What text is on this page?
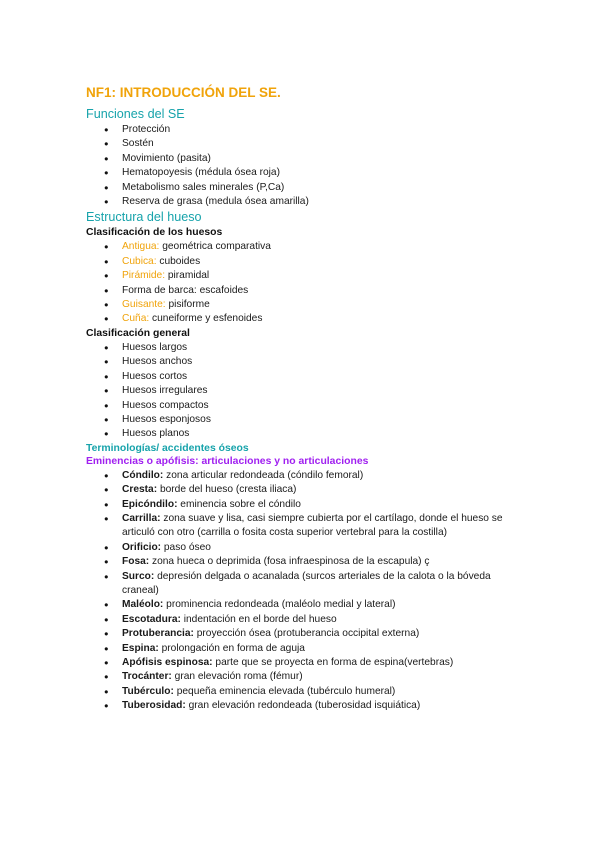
NF1: INTRODUCCIÓN DEL SE.
Funciones del SE
● Protección
● Sostén
● Movimiento (pasita)
● Hematopoyesis (médula ósea roja)
● Metabolismo sales minerales (P,Ca)
● Reserva de grasa (medula ósea amarilla)
Estructura del hueso
Clasificación de los huesos
● Antigua: geométrica comparativa
● Cubica: cuboides
● Pirámide: piramidal
● Forma de barca: escafoides
● Guisante: pisiforme
● Cuña: cuneiforme y esfenoides
Clasificación general
● Huesos largos
● Huesos anchos
● Huesos cortos
● Huesos irregulares
● Huesos compactos
● Huesos esponjosos
● Huesos planos
Terminologías/ accidentes óseos
Eminencias o apófisis: articulaciones y no articulaciones
● Cóndilo: zona articular redondeada (cóndilo femoral)
● Cresta: borde del hueso (cresta iliaca)
● Epicóndilo: eminencia sobre el cóndilo
● Carrilla: zona suave y lisa, casi siempre cubierta por el cartílago, donde el hueso se articuló con otro (carrilla o fosita costa superior vertebral para la costilla)
● Orificio: paso óseo
● Fosa: zona hueca o deprimida (fosa infraespinosa de la escapula) ç
● Surco: depresión delgada o acanalada (surcos arteriales de la calota o la bóveda craneal)
● Maléolo: prominencia redondeada (maléolo medial y lateral)
● Escotadura: indentación en el borde del hueso
● Protuberancia: proyección ósea (protuberancia occipital externa)
● Espina: prolongación en forma de aguja
● Apófisis espinosa: parte que se proyecta en forma de espina(vertebras)
● Trocánter: gran elevación roma (fémur)
● Tubérculo: pequeña eminencia elevada (tubérculo humeral)
● Tuberosidad: gran elevación redondeada (tuberosidad isquiática)
